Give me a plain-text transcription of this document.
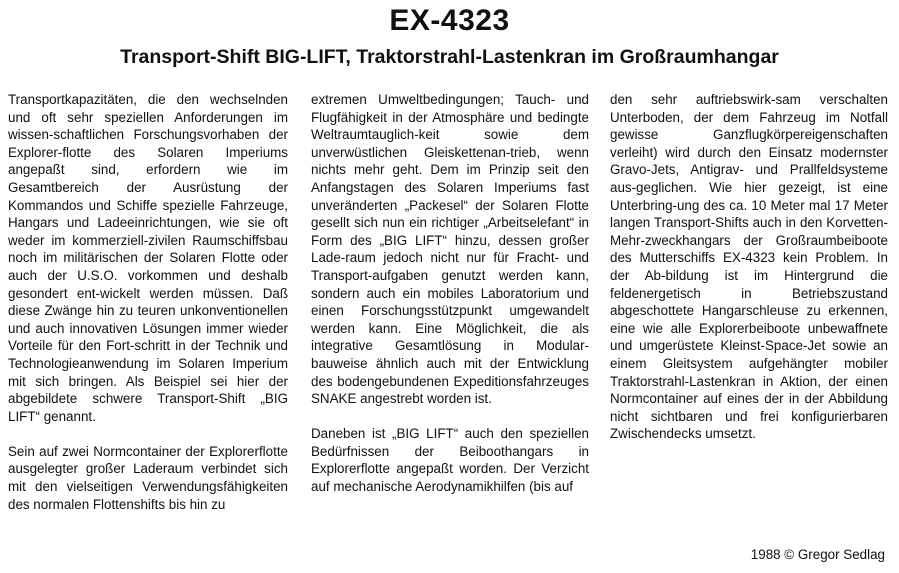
EX-4323
Transport-Shift BIG-LIFT, Traktorstrahl-Lastenkran im Großraumhangar

Transportkapazitäten, die den wechselnden und oft sehr speziellen Anforderungen im wissen-schaftlichen Forschungsvorhaben der Explorer-flotte des Solaren Imperiums angepaßt sind, erfordern wie im Gesamtbereich der Ausrüstung der Kommandos und Schiffe spezielle Fahrzeuge, Hangars und Ladeeinrichtungen, wie sie oft weder im kommerziell-zivilen Raumschiffsbau noch im militärischen der Solaren Flotte oder auch der U.S.O. vorkommen und deshalb gesondert ent-wickelt werden müssen. Daß diese Zwänge hin zu teuren unkonventionellen und auch innovativen Lösungen immer wieder Vorteile für den Fort-schritt in der Technik und Technologieanwendung im Solaren Imperium mit sich bringen. Als Beispiel sei hier der abgebildete schwere Transport-Shift „BIG LIFT“ genannt.

Sein auf zwei Normcontainer der Explorerflotte ausgelegter großer Laderaum verbindet sich mit den vielseitigen Verwendungsfähigkeiten des normalen Flottenshifts bis hin zu

extremen Umweltbedingungen; Tauch- und Flugfähigkeit in der Atmosphäre und bedingte Weltraumtauglich-keit sowie dem unverwüstlichen Gleiskettenan-trieb, wenn nichts mehr geht. Dem im Prinzip seit den Anfangstagen des Solaren Imperiums fast unveränderten „Packesel“ der Solaren Flotte gesellt sich nun ein richtiger „Arbeitselefant“ in Form des „BIG LIFT“ hinzu, dessen großer Lade-raum jedoch nicht nur für Fracht- und Transport-aufgaben genutzt werden kann, sondern auch ein mobiles Laboratorium und einen Forschungsstützpunkt umgewandelt werden kann. Eine Möglichkeit, die als integrative Gesamtlösung in Modular-bauweise ähnlich auch mit der Entwicklung des bodengebundenen Expeditionsfahrzeuges SNAKE angestrebt worden ist.

Daneben ist „BIG LIFT“ auch den speziellen Bedürfnissen der Beiboothangars in Explorerflotte angepaßt worden. Der Verzicht auf mechanische Aerodynamikhilfen (bis auf

den sehr auftriebswirk-sam verschalten Unterboden, der dem Fahrzeug im Notfall gewisse Ganzflugkörpereigenschaften verleiht) wird durch den Einsatz modernster Gravo-Jets, Antigrav- und Prallfeldsysteme aus-geglichen. Wie hier gezeigt, ist eine Unterbring-ung des ca. 10 Meter mal 17 Meter langen Transport-Shifts auch in den Korvetten-Mehr-zweckhangars der Großraumbeiboote des Mutterschiffs EX-4323 kein Problem. In der Ab-bildung ist im Hintergrund die feldenergetisch in Betriebszustand abgeschottete Hangarschleuse zu erkennen, eine wie alle Explorerbeiboote unbewaffnete und umgerüstete Kleinst-Space-Jet sowie an einem Gleitsystem aufgehängter mobiler Traktorstrahl-Lastenkran in Aktion, der einen Normcontainer auf eines der in der Abbildung nicht sichtbaren und frei konfigurierbaren Zwischendecks umsetzt.

1988 © Gregor Sedlag
